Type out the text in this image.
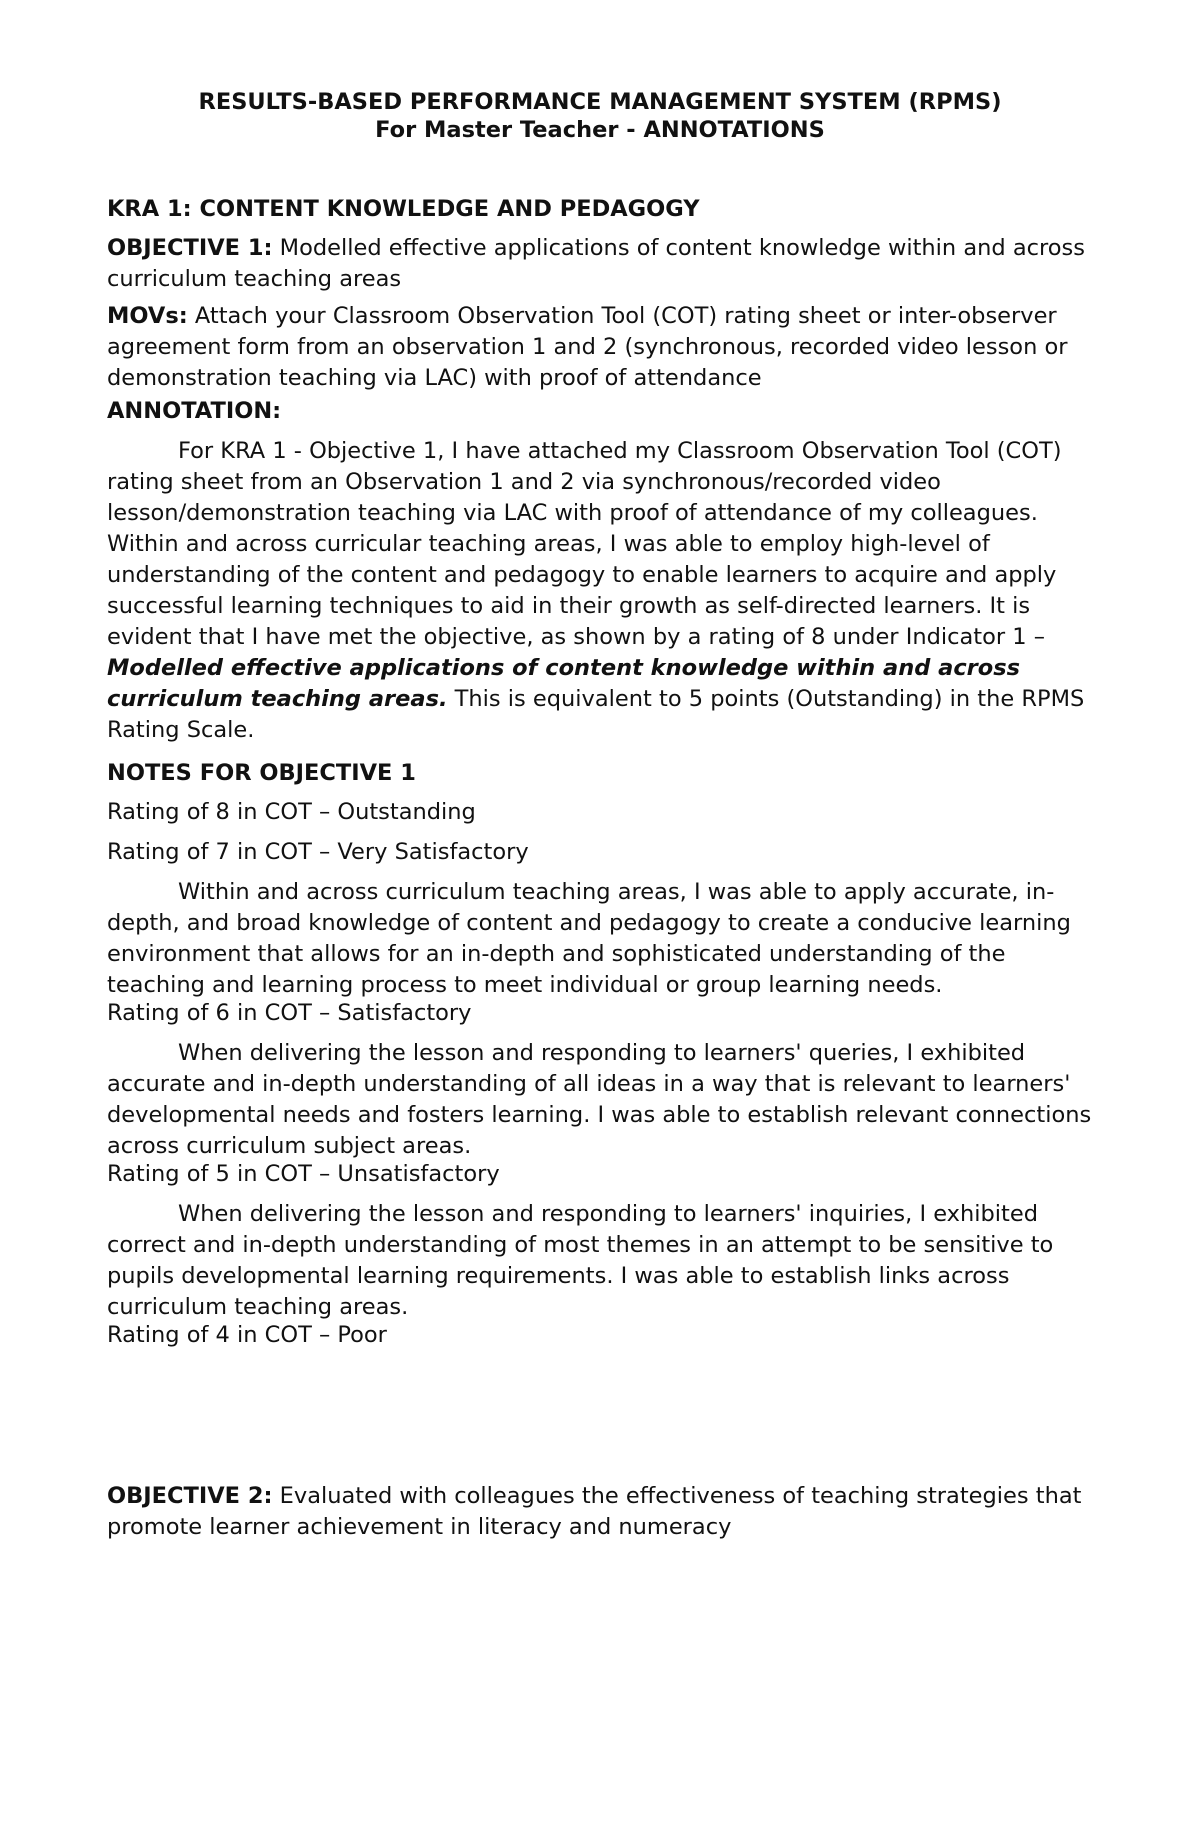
RESULTS-BASED PERFORMANCE MANAGEMENT SYSTEM (RPMS)

For Master Teacher - ANNOTATIONS

KRA 1: CONTENT KNOWLEDGE AND PEDAGOGY

OBJECTIVE 1: Modelled effective applications of content knowledge within and across curriculum teaching areas

MOVs: Attach your Classroom Observation Tool (COT) rating sheet or inter-observer agreement form from an observation 1 and 2 (synchronous, recorded video lesson or demonstration teaching via LAC) with proof of attendance

ANNOTATION:

For KRA 1 - Objective 1, I have attached my Classroom Observation Tool (COT) rating sheet from an Observation 1 and 2 via synchronous/recorded video lesson/demonstration teaching via LAC with proof of attendance of my colleagues. Within and across curricular teaching areas, I was able to employ high-level of understanding of the content and pedagogy to enable learners to acquire and apply successful learning techniques to aid in their growth as self-directed learners. It is evident that I have met the objective, as shown by a rating of 8 under Indicator 1 – Modelled effective applications of content knowledge within and across curriculum teaching areas. This is equivalent to 5 points (Outstanding) in the RPMS Rating Scale.

NOTES FOR OBJECTIVE 1

Rating of 8 in COT – Outstanding

Rating of 7 in COT – Very Satisfactory

Within and across curriculum teaching areas, I was able to apply accurate, in-depth, and broad knowledge of content and pedagogy to create a conducive learning environment that allows for an in-depth and sophisticated understanding of the teaching and learning process to meet individual or group learning needs.

Rating of 6 in COT – Satisfactory

When delivering the lesson and responding to learners' queries, I exhibited accurate and in-depth understanding of all ideas in a way that is relevant to learners' developmental needs and fosters learning. I was able to establish relevant connections across curriculum subject areas.

Rating of 5 in COT – Unsatisfactory

When delivering the lesson and responding to learners' inquiries, I exhibited correct and in-depth understanding of most themes in an attempt to be sensitive to pupils developmental learning requirements. I was able to establish links across curriculum teaching areas.

Rating of 4 in COT – Poor

OBJECTIVE 2: Evaluated with colleagues the effectiveness of teaching strategies that promote learner achievement in literacy and numeracy
